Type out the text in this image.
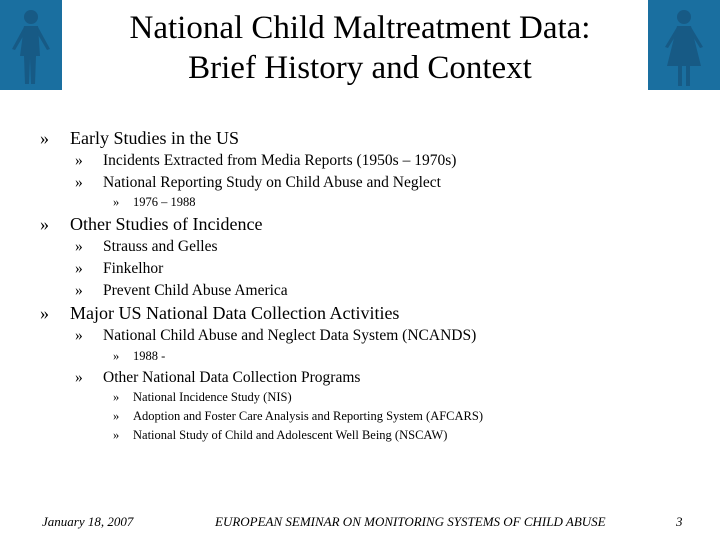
National Child Maltreatment Data:
Brief History and Context
» Early Studies in the US
» Incidents Extracted from Media Reports (1950s – 1970s)
» National Reporting Study on Child Abuse and Neglect
» 1976 – 1988
» Other Studies of Incidence
» Strauss and Gelles
» Finkelhor
» Prevent Child Abuse America
» Major US National Data Collection Activities
» National Child Abuse and Neglect Data System (NCANDS)
» 1988 -
» Other National Data Collection Programs
» National Incidence Study (NIS)
» Adoption and Foster Care Analysis and Reporting System (AFCARS)
» National Study of Child and Adolescent Well Being (NSCAW)
January 18, 2007	EUROPEAN SEMINAR ON MONITORING SYSTEMS OF CHILD ABUSE	3
